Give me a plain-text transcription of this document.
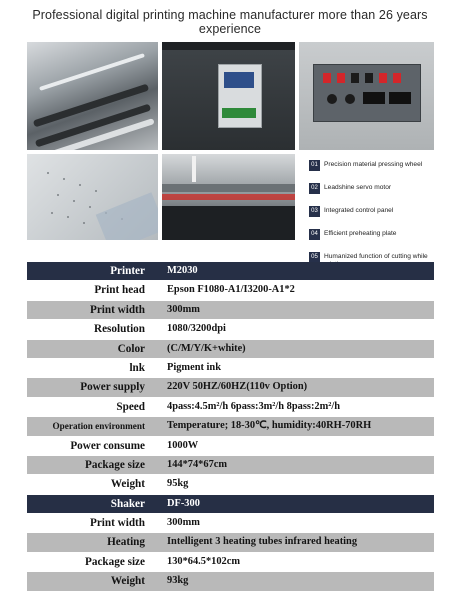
Professional digital printing machine manufacturer more than 26 years experience
01 Precision material pressing wheel
02 Leadshine servo motor
03 Integrated control panel
04 Efficient preheating plate
05 Humanized function of cutting while
Printer	M2030
Print head	Epson F1080-A1/I3200-A1*2
Print width	300mm
Resolution	1080/3200dpi
Color	(C/M/Y/K+white)
lnk	Pigment ink
Power supply	220V 50HZ/60HZ(110v Option)
Speed	4pass:4.5m²/h 6pass:3m²/h 8pass:2m²/h
Operation environment	Temperature; 18-30℃, humidity:40RH-70RH
Power consume	1000W
Package size	144*74*67cm
Weight	95kg
Shaker	DF-300
Print width	300mm
Heating	Intelligent 3 heating tubes infrared heating
Package size	130*64.5*102cm
Weight	93kg
